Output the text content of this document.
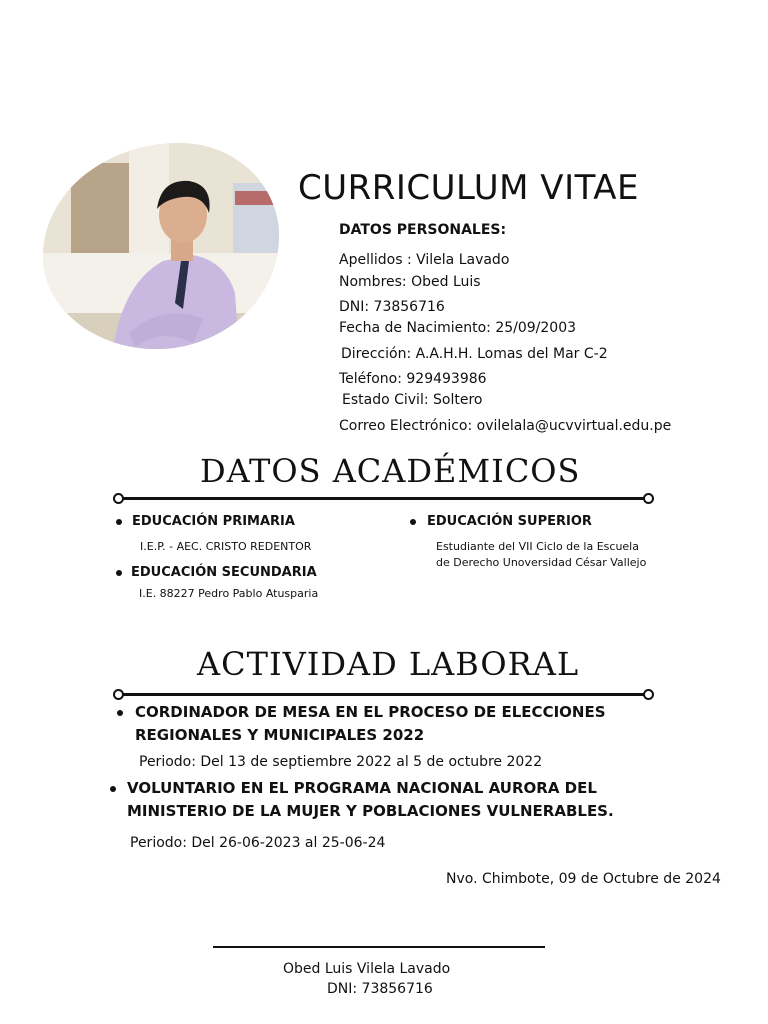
CURRICULUM VITAE
DATOS PERSONALES:
Apellidos : Vilela Lavado
Nombres: Obed Luis
DNI: 73856716
Fecha de Nacimiento: 25/09/2003
Dirección: A.A.H.H. Lomas del Mar C-2
Teléfono: 929493986
Estado Civil: Soltero
Correo Electrónico: ovilelala@ucvvirtual.edu.pe
DATOS ACADÉMICOS
EDUCACIÓN PRIMARIA
I.E.P. - AEC. CRISTO REDENTOR
EDUCACIÓN SECUNDARIA
I.E. 88227 Pedro Pablo Atusparia
EDUCACIÓN SUPERIOR
Estudiante del VII Ciclo de la Escuela
de Derecho Unoversidad César Vallejo
ACTIVIDAD LABORAL
CORDINADOR DE MESA EN EL PROCESO DE ELECCIONES
REGIONALES Y MUNICIPALES 2022
Periodo: Del 13 de septiembre 2022 al 5 de octubre 2022
VOLUNTARIO EN EL PROGRAMA NACIONAL AURORA DEL
MINISTERIO DE LA MUJER Y POBLACIONES VULNERABLES.
Periodo: Del 26-06-2023 al 25-06-24
Nvo. Chimbote, 09 de Octubre de 2024
Obed Luis Vilela Lavado
DNI: 73856716
